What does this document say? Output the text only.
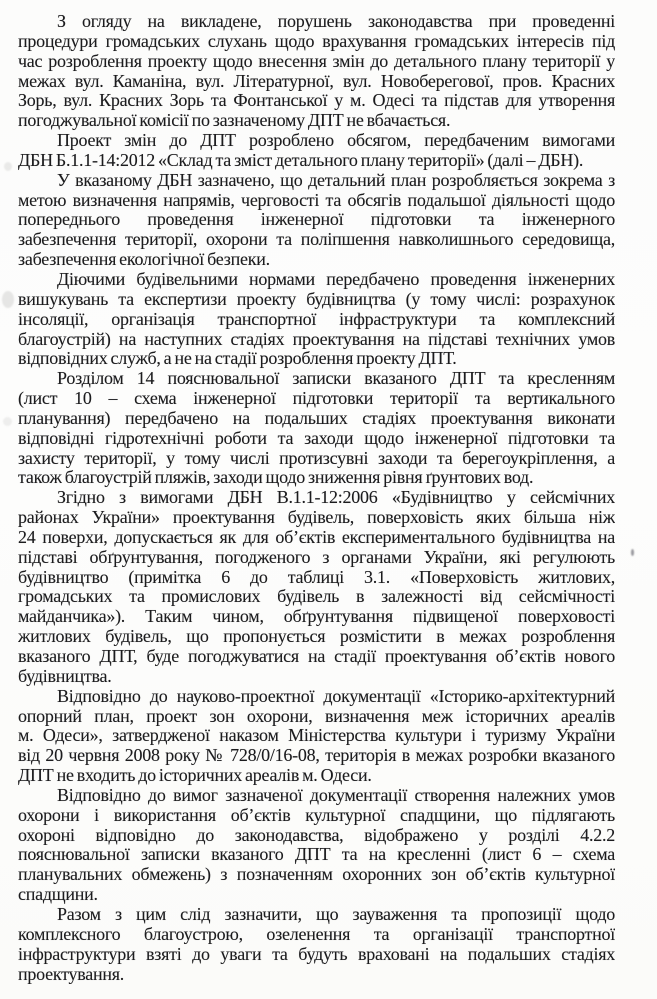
З огляду на викладене, порушень законодавства при проведенні
процедури громадських слухань щодо врахування громадських інтересів під
час розроблення проекту щодо внесення змін до детального плану території у
межах вул. Каманіна, вул. Літературної, вул. Новоберегової, пров. Красних
Зорь, вул. Красних Зорь та Фонтанської у м. Одесі та підстав для утворення
погоджувальної комісії по зазначеному ДПТ не вбачається.
Проект змін до ДПТ розроблено обсягом, передбаченим вимогами
ДБН Б.1.1-14:2012 «Склад та зміст детального плану території» (далі – ДБН).
У вказаному ДБН зазначено, що детальний план розробляється зокрема з
метою визначення напрямів, черговості та обсягів подальшої діяльності щодо
попереднього проведення інженерної підготовки та інженерного
забезпечення території, охорони та поліпшення навколишнього середовища,
забезпечення екологічної безпеки.
Діючими будівельними нормами передбачено проведення інженерних
вишукувань та експертизи проекту будівництва (у тому числі: розрахунок
інсоляції, організація транспортної інфраструктури та комплексний
благоустрій) на наступних стадіях проектування на підставі технічних умов
відповідних служб, а не на стадії розроблення проекту ДПТ.
Розділом 14 пояснювальної записки вказаного ДПТ та кресленням
(лист 10 – схема інженерної підготовки території та вертикального
планування) передбачено на подальших стадіях проектування виконати
відповідні гідротехнічні роботи та заходи щодо інженерної підготовки та
захисту території, у тому числі протизсувні заходи та берегоукріплення, а
також благоустрій пляжів, заходи щодо зниження рівня ґрунтових вод.
Згідно з вимогами ДБН В.1.1-12:2006 «Будівництво у сейсмічних
районах України» проектування будівель, поверховість яких більша ніж
24 поверхи, допускається як для об’єктів експериментального будівництва на
підставі обґрунтування, погодженого з органами України, які регулюють
будівництво (примітка 6 до таблиці 3.1. «Поверховість житлових,
громадських та промислових будівель в залежності від сейсмічності
майданчика»). Таким чином, обґрунтування підвищеної поверховості
житлових будівель, що пропонується розмістити в межах розроблення
вказаного ДПТ, буде погоджуватися на стадії проектування об’єктів нового
будівництва.
Відповідно до науково-проектної документації «Історико-архітектурний
опорний план, проект зон охорони, визначення меж історичних ареалів
м. Одеси», затвердженої наказом Міністерства культури і туризму України
від 20 червня 2008 року № 728/0/16-08, територія в межах розробки вказаного
ДПТ не входить до історичних ареалів м. Одеси.
Відповідно до вимог зазначеної документації створення належних умов
охорони і використання об’єктів культурної спадщини, що підлягають
охороні відповідно до законодавства, відображено у розділі 4.2.2
пояснювальної записки вказаного ДПТ та на кресленні (лист 6 – схема
планувальних обмежень) з позначенням охоронних зон об’єктів культурної
спадщини.
Разом з цим слід зазначити, що зауваження та пропозиції щодо
комплексного благоустрою, озеленення та організації транспортної
інфраструктури взяті до уваги та будуть враховані на подальших стадіях
проектування.
